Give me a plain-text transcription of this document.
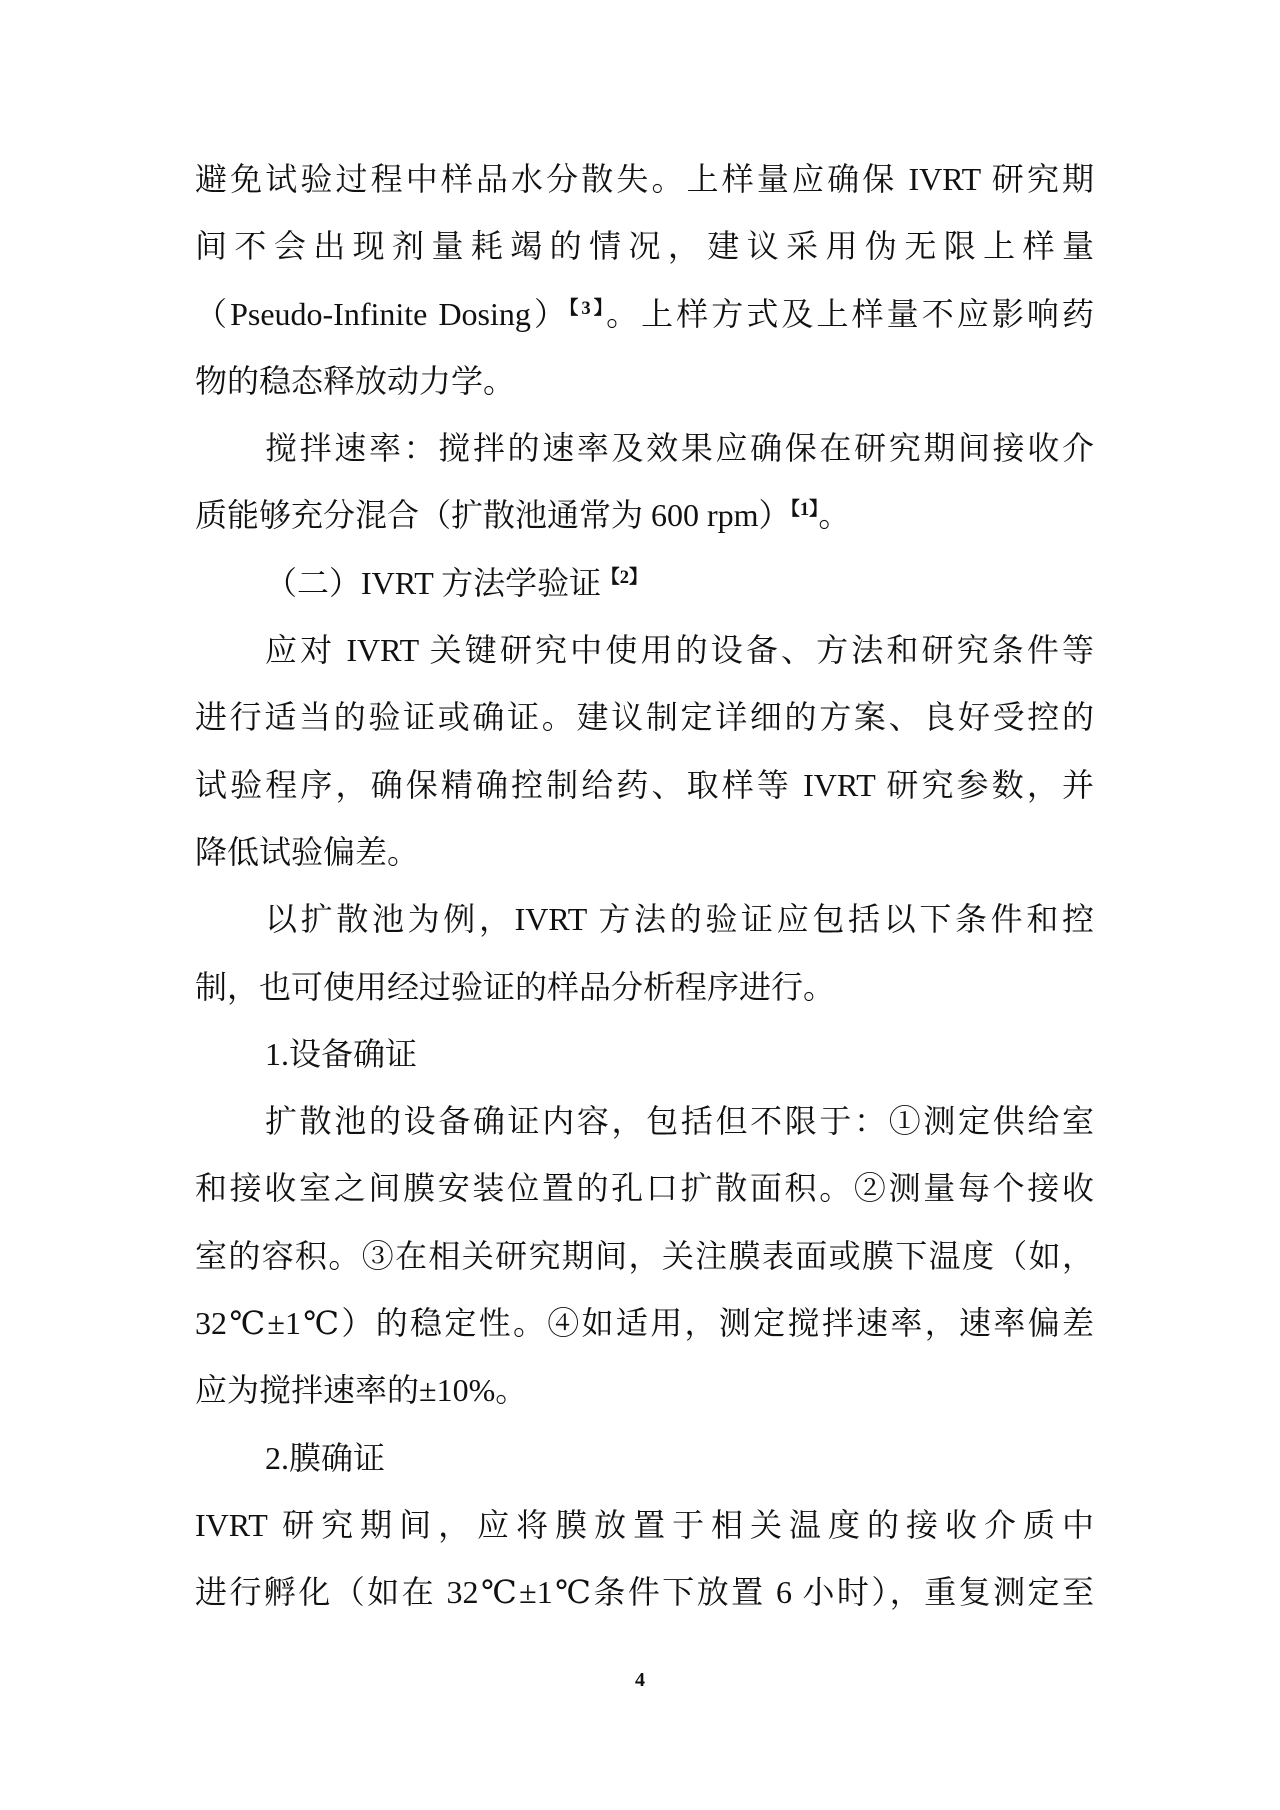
避免试验过程中样品水分散失。上样量应确保 IVRT 研究期
间不会出现剂量耗竭的情况，建议采用伪无限上样量
（Pseudo-Infinite Dosing）$^{【3】}$。上样方式及上样量不应影响药
物的稳态释放动力学。
搅拌速率：搅拌的速率及效果应确保在研究期间接收介
质能够充分混合（扩散池通常为 600 rpm）$^{【1】}$。
（二）IVRT 方法学验证$^{【2】}$
应对 IVRT 关键研究中使用的设备、方法和研究条件等
进行适当的验证或确证。建议制定详细的方案、良好受控的
试验程序，确保精确控制给药、取样等 IVRT 研究参数，并
降低试验偏差。
以扩散池为例，IVRT 方法的验证应包括以下条件和控
制，也可使用经过验证的样品分析程序进行。
1.设备确证
扩散池的设备确证内容，包括但不限于：①测定供给室
和接收室之间膜安装位置的孔口扩散面积。②测量每个接收
室的容积。③在相关研究期间，关注膜表面或膜下温度（如，
32℃±1℃）的稳定性。④如适用，测定搅拌速率，速率偏差
应为搅拌速率的±10%。
2.膜确证
IVRT 研究期间，应将膜放置于相关温度的接收介质中
进行孵化（如在 32℃±1℃条件下放置 6 小时），重复测定至
4
